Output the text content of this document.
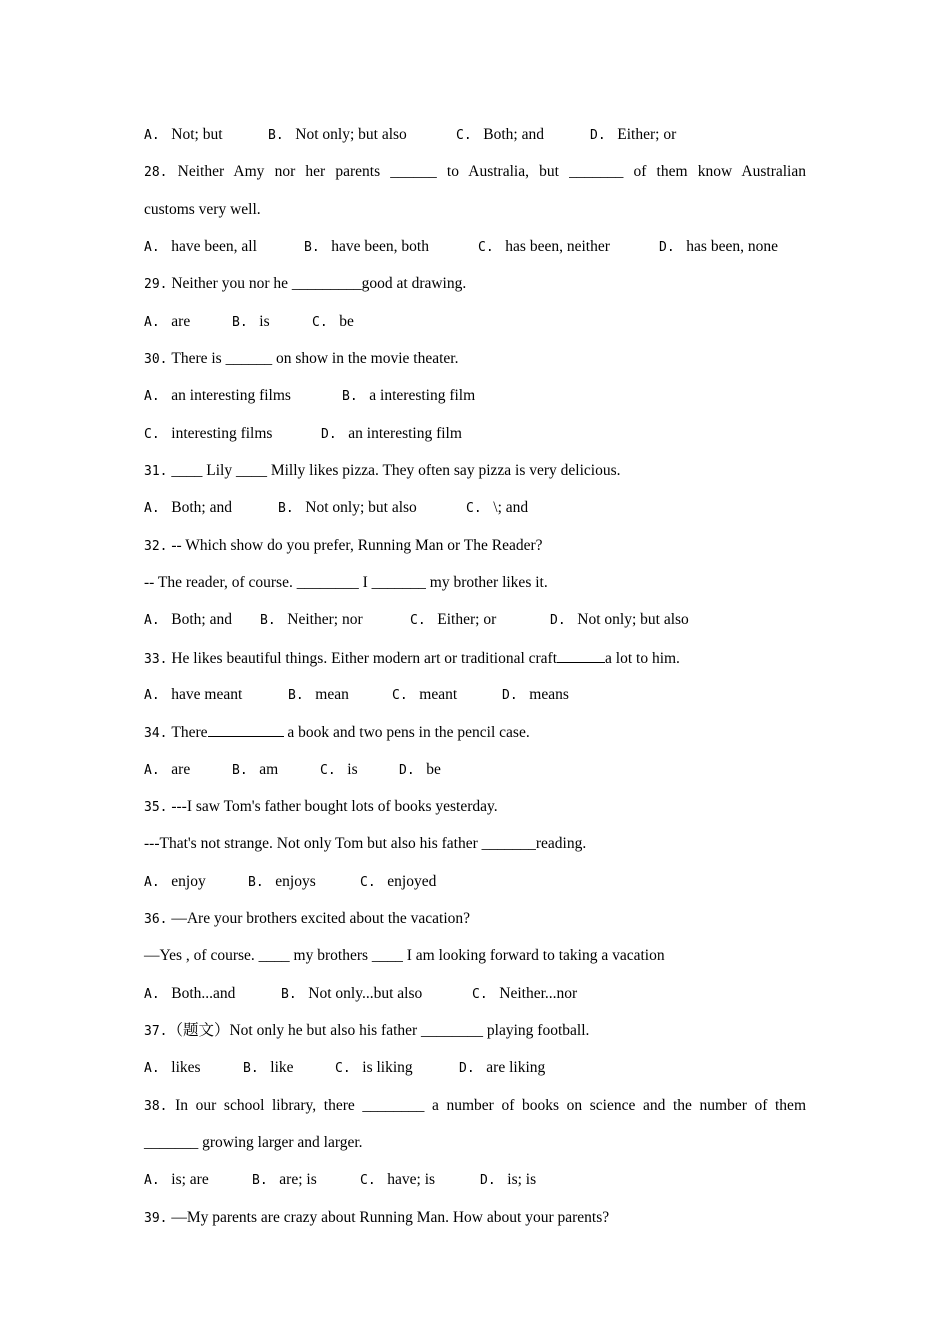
A. Not; but	B. Not only; but also	C. Both; and	D. Either; or
28. Neither Amy nor her parents ______ to Australia, but _______ of them know Australian
customs very well.
A. have been, all	B. have been, both	C. has been, neither	D. has been, none
29. Neither you nor he _________good at drawing.
A. are	B. is	C. be
30. There is ______ on show in the movie theater.
A. an interesting films	B. a interesting film
C. interesting films	D. an interesting film
31. ____ Lily ____ Milly likes pizza. They often say pizza is very delicious.
A. Both; and	B. Not only; but also	C. \; and
32. -- Which show do you prefer, Running Man or The Reader?
-- The reader, of course. ________ I _______ my brother likes it.
A. Both; and B. Neither; nor	C. Either; or	D. Not only; but also
33. He likes beautiful things. Either modern art or traditional craft	a lot to him.
A. have meant	B. mean	C. meant	D. means
34. There	a book and two pens in the pencil case.
A. are	B. am	C. is	D. be
35. ---I saw Tom's father bought lots of books yesterday.
---That's not strange. Not only Tom but also his father _______reading.
A. enjoy	B. enjoys	C. enjoyed
36. —Are your brothers excited about the vacation?
—Yes , of course. ____ my brothers ____ I am looking forward to taking a vacation
A. Both...and	B. Not only...but also	C. Neither...nor
37.（题文）Not only he but also his father ________ playing football.
A. likes	B. like	C. is liking	D. are liking
38. In our school library, there ________ a number of books on science and the number of them
_______ growing larger and larger.
A. is; are	B. are; is	C. have; is	D. is; is
39. —My parents are crazy about Running Man. How about your parents?
